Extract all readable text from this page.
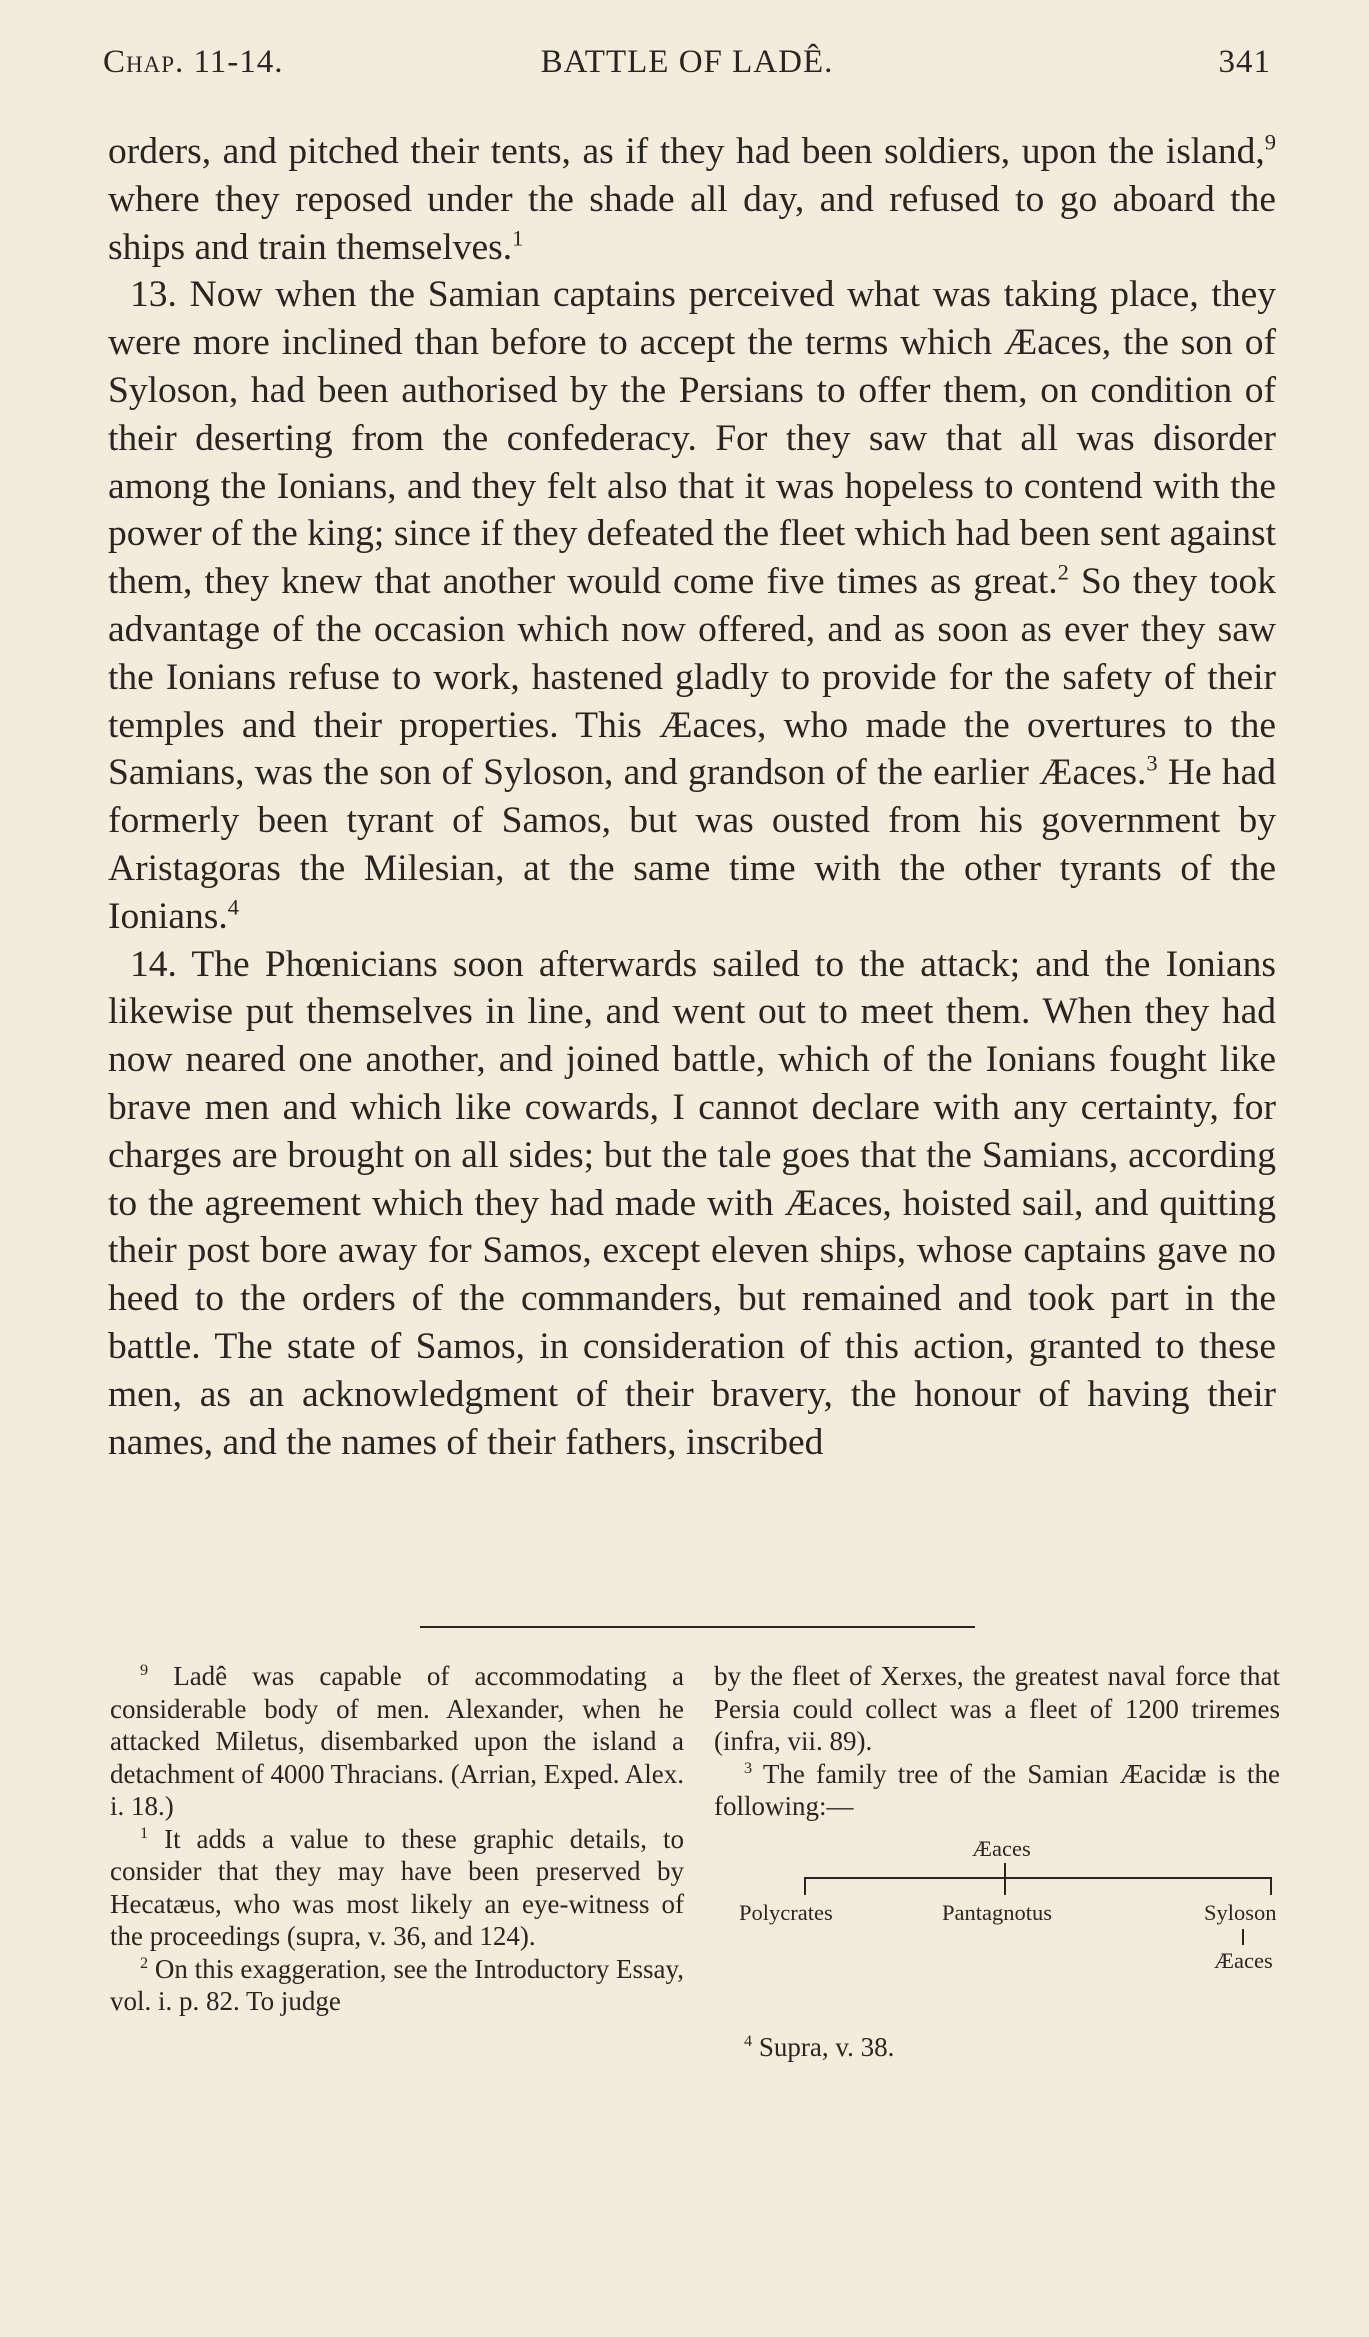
Chap. 11-14.	BATTLE OF LADÊ.	341

orders, and pitched their tents, as if they had been soldiers, upon the island,$^9$ where they reposed under the shade all day, and refused to go aboard the ships and train themselves.$^1$

13. Now when the Samian captains perceived what was taking place, they were more inclined than before to accept the terms which Æaces, the son of Syloson, had been authorised by the Persians to offer them, on condition of their deserting from the confederacy. For they saw that all was disorder among the Ionians, and they felt also that it was hopeless to contend with the power of the king; since if they defeated the fleet which had been sent against them, they knew that another would come five times as great.$^2$ So they took advantage of the occasion which now offered, and as soon as ever they saw the Ionians refuse to work, hastened gladly to provide for the safety of their temples and their properties. This Æaces, who made the overtures to the Samians, was the son of Syloson, and grandson of the earlier Æaces.$^3$ He had formerly been tyrant of Samos, but was ousted from his government by Aristagoras the Milesian, at the same time with the other tyrants of the Ionians.$^4$

14. The Phœnicians soon afterwards sailed to the attack; and the Ionians likewise put themselves in line, and went out to meet them. When they had now neared one another, and joined battle, which of the Ionians fought like brave men and which like cowards, I cannot declare with any certainty, for charges are brought on all sides; but the tale goes that the Samians, according to the agreement which they had made with Æaces, hoisted sail, and quitting their post bore away for Samos, except eleven ships, whose captains gave no heed to the orders of the commanders, but remained and took part in the battle. The state of Samos, in consideration of this action, granted to these men, as an acknowledgment of their bravery, the honour of having their names, and the names of their fathers, inscribed

$^9$ Ladê was capable of accommodating a considerable body of men. Alexander, when he attacked Miletus, disembarked upon the island a detachment of 4000 Thracians. (Arrian, Exped. Alex. i. 18.)

$^1$ It adds a value to these graphic details, to consider that they may have been preserved by Hecatæus, who was most likely an eye-witness of the proceedings (supra, v. 36, and 124).

$^2$ On this exaggeration, see the Introductory Essay, vol. i. p. 82. To judge

by the fleet of Xerxes, the greatest naval force that Persia could collect was a fleet of 1200 triremes (infra, vii. 89).

$^3$ The family tree of the Samian Æacidæ is the following:—

Æaces
Polycrates	Pantagnotus	Syloson
Æaces

$^4$ Supra, v. 38.
